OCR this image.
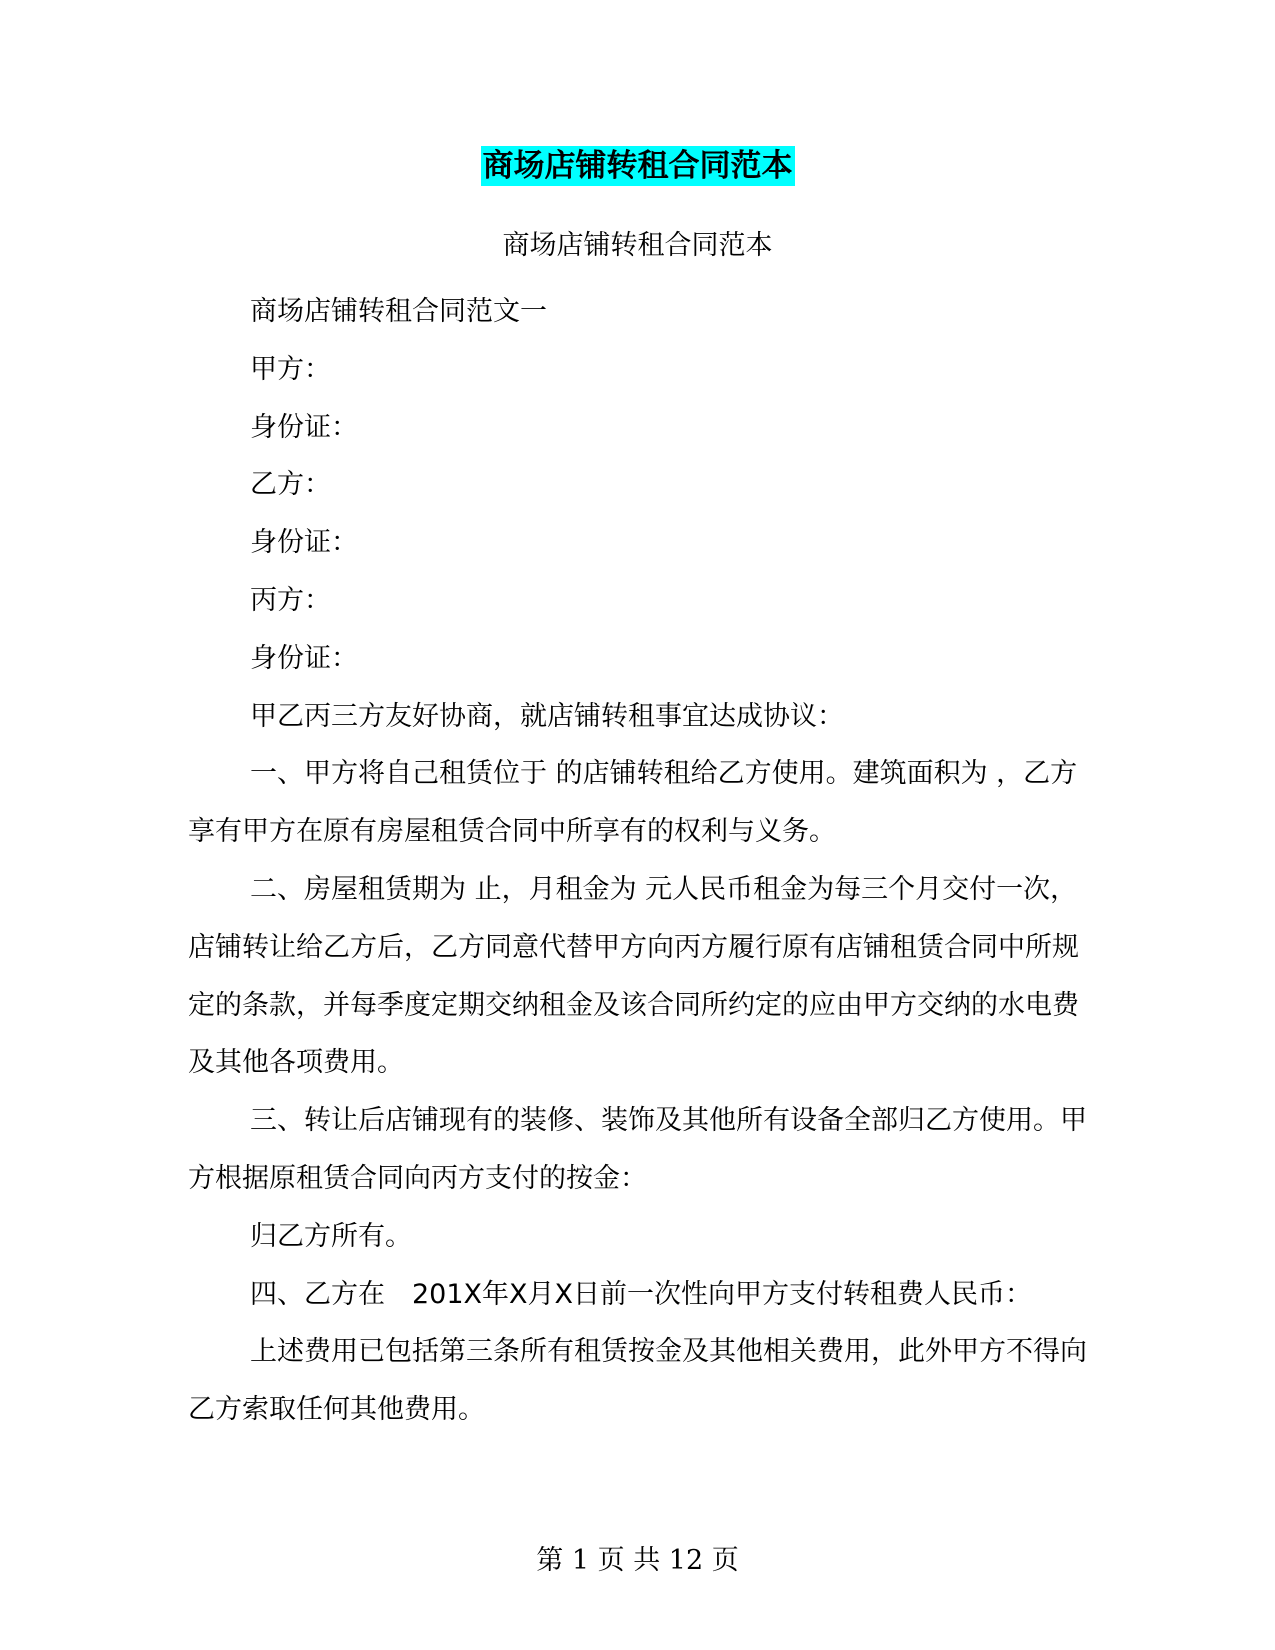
商场店铺转租合同范本
商场店铺转租合同范本

商场店铺转租合同范文一

甲方：

身份证：

乙方：

身份证：

丙方：

身份证：

甲乙丙三方友好协商，就店铺转租事宜达成协议：

一、甲方将自己租赁位于 的店铺转租给乙方使用。建筑面积为 ，乙方享有甲方在原有房屋租赁合同中所享有的权利与义务。

二、房屋租赁期为 止，月租金为 元人民币租金为每三个月交付一次，店铺转让给乙方后，乙方同意代替甲方向丙方履行原有店铺租赁合同中所规定的条款，并每季度定期交纳租金及该合同所约定的应由甲方交纳的水电费及其他各项费用。

三、转让后店铺现有的装修、装饰及其他所有设备全部归乙方使用。甲方根据原租赁合同向丙方支付的按金：

归乙方所有。

四、乙方在　201X年X月X日前一次性向甲方支付转租费人民币：

上述费用已包括第三条所有租赁按金及其他相关费用，此外甲方不得向乙方索取任何其他费用。

第 1 页 共 12 页
